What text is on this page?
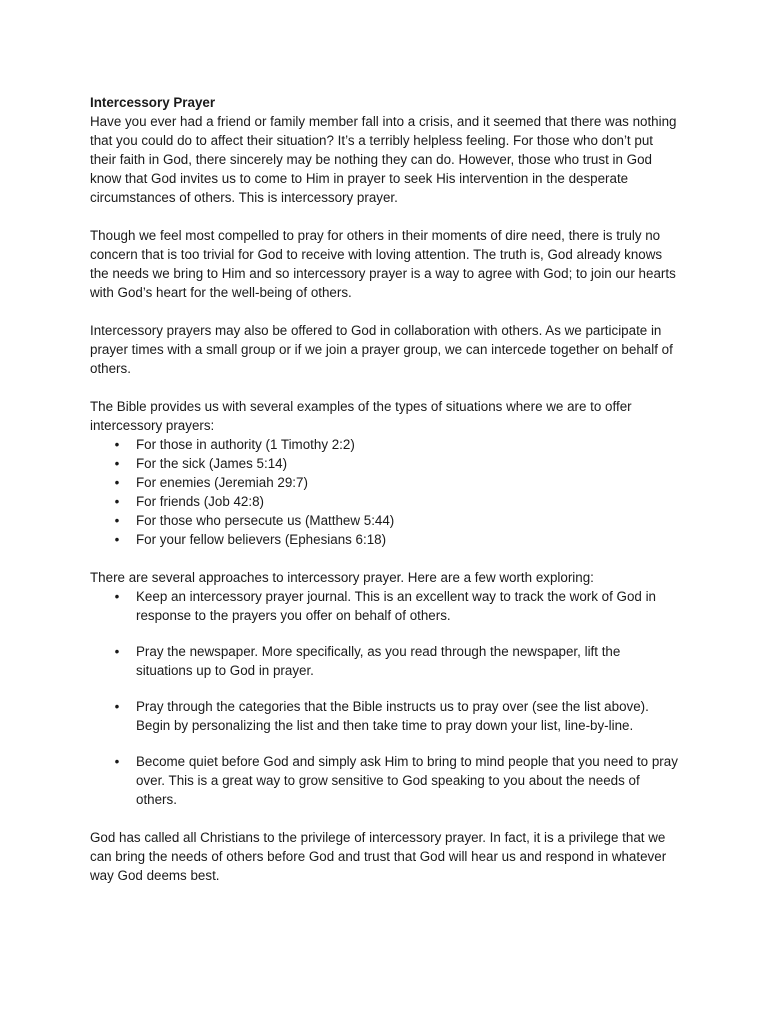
Intercessory Prayer

Have you ever had a friend or family member fall into a crisis, and it seemed that there was nothing that you could do to affect their situation? It’s a terribly helpless feeling. For those who don’t put their faith in God, there sincerely may be nothing they can do. However, those who trust in God know that God invites us to come to Him in prayer to seek His intervention in the desperate circumstances of others. This is intercessory prayer.

Though we feel most compelled to pray for others in their moments of dire need, there is truly no concern that is too trivial for God to receive with loving attention. The truth is, God already knows the needs we bring to Him and so intercessory prayer is a way to agree with God; to join our hearts with God’s heart for the well-being of others.

Intercessory prayers may also be offered to God in collaboration with others. As we participate in prayer times with a small group or if we join a prayer group, we can intercede together on behalf of others.

The Bible provides us with several examples of the types of situations where we are to offer intercessory prayers:

• For those in authority (1 Timothy 2:2)
• For the sick (James 5:14)
• For enemies (Jeremiah 29:7)
• For friends (Job 42:8)
• For those who persecute us (Matthew 5:44)
• For your fellow believers (Ephesians 6:18)

There are several approaches to intercessory prayer. Here are a few worth exploring:

• Keep an intercessory prayer journal. This is an excellent way to track the work of God in response to the prayers you offer on behalf of others.
• Pray the newspaper. More specifically, as you read through the newspaper, lift the situations up to God in prayer.
• Pray through the categories that the Bible instructs us to pray over (see the list above). Begin by personalizing the list and then take time to pray down your list, line-by-line.
• Become quiet before God and simply ask Him to bring to mind people that you need to pray over. This is a great way to grow sensitive to God speaking to you about the needs of others.

God has called all Christians to the privilege of intercessory prayer. In fact, it is a privilege that we can bring the needs of others before God and trust that God will hear us and respond in whatever way God deems best.
